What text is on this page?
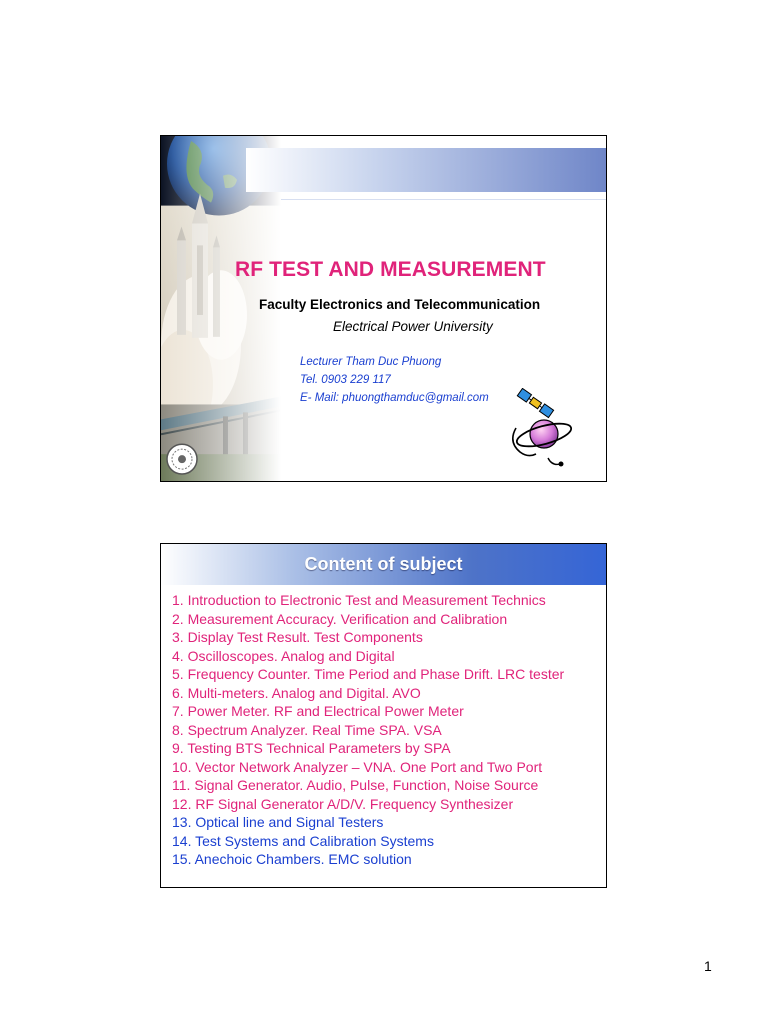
RF TEST AND MEASUREMENT

Faculty Electronics and Telecommunication

Electrical Power University

Lecturer Tham Duc Phuong
Tel. 0903 229 117
E- Mail: phuongthamduc@gmail.com
Content of subject
1. Introduction to Electronic Test and Measurement Technics
2. Measurement Accuracy. Verification and Calibration
3. Display Test Result. Test Components
4. Oscilloscopes. Analog and Digital
5. Frequency Counter. Time Period and Phase Drift. LRC tester
6. Multi-meters. Analog and Digital. AVO
7. Power Meter. RF and Electrical Power Meter
8. Spectrum Analyzer. Real Time SPA. VSA
9. Testing BTS Technical Parameters by SPA
10. Vector Network Analyzer – VNA. One Port and Two Port
11. Signal Generator. Audio, Pulse, Function, Noise Source
12. RF Signal Generator A/D/V. Frequency Synthesizer
13. Optical line and Signal Testers
14. Test Systems and Calibration Systems
15. Anechoic Chambers. EMC solution
1
